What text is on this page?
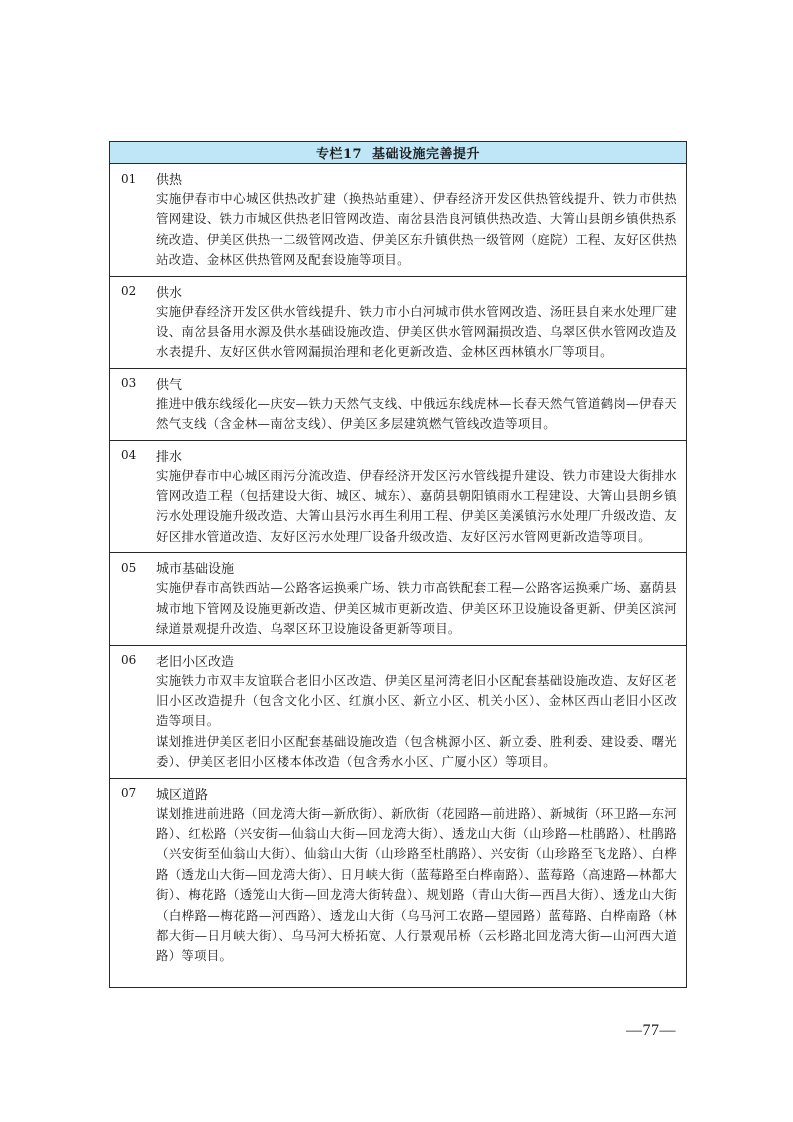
专栏17 基础设施完善提升
01	供热

实施伊春市中心城区供热改扩建（换热站重建）、伊春经济开发区供热管线提升、铁力市供热管网建设、铁力市城区供热老旧管网改造、南岔县浩良河镇供热改造、大箐山县朗乡镇供热系统改造、伊美区供热一二级管网改造、伊美区东升镇供热一级管网（庭院）工程、友好区供热站改造、金林区供热管网及配套设施等项目。

02	供水

实施伊春经济开发区供水管线提升、铁力市小白河城市供水管网改造、汤旺县自来水处理厂建设、南岔县备用水源及供水基础设施改造、伊美区供水管网漏损改造、乌翠区供水管网改造及水表提升、友好区供水管网漏损治理和老化更新改造、金林区西林镇水厂等项目。

03	供气

推进中俄东线绥化—庆安—铁力天然气支线、中俄远东线虎林—长春天然气管道鹤岗—伊春天然气支线（含金林—南岔支线）、伊美区多层建筑燃气管线改造等项目。

04	排水

实施伊春市中心城区雨污分流改造、伊春经济开发区污水管线提升建设、铁力市建设大街排水管网改造工程（包括建设大街、城区、城东）、嘉荫县朝阳镇雨水工程建设、大箐山县朗乡镇污水处理设施升级改造、大箐山县污水再生利用工程、伊美区美溪镇污水处理厂升级改造、友好区排水管道改造、友好区污水处理厂设备升级改造、友好区污水管网更新改造等项目。

05	城市基础设施

实施伊春市高铁西站—公路客运换乘广场、铁力市高铁配套工程—公路客运换乘广场、嘉荫县城市地下管网及设施更新改造、伊美区城市更新改造、伊美区环卫设施设备更新、伊美区滨河绿道景观提升改造、乌翠区环卫设施设备更新等项目。

06	老旧小区改造

实施铁力市双丰友谊联合老旧小区改造、伊美区星河湾老旧小区配套基础设施改造、友好区老旧小区改造提升（包含文化小区、红旗小区、新立小区、机关小区）、金林区西山老旧小区改造等项目。

谋划推进伊美区老旧小区配套基础设施改造（包含桃源小区、新立委、胜利委、建设委、曙光委）、伊美区老旧小区楼本体改造（包含秀水小区、广厦小区）等项目。

07	城区道路

谋划推进前进路（回龙湾大街—新欣街）、新欣街（花园路—前进路）、新城街（环卫路—东河路）、红松路（兴安街—仙翁山大街—回龙湾大街）、透龙山大街（山珍路—杜鹃路）、杜鹃路（兴安街至仙翁山大街）、仙翁山大街（山珍路至杜鹃路）、兴安街（山珍路至飞龙路）、白桦路（透龙山大街—回龙湾大街）、日月峡大街（蓝莓路至白桦南路）、蓝莓路（高速路—林都大街）、梅花路（透笼山大街—回龙湾大街转盘）、规划路（青山大街—西昌大街）、透龙山大街（白桦路—梅花路—河西路）、透龙山大街（乌马河工农路—望园路）蓝莓路、白桦南路（林都大街—日月峡大街）、乌马河大桥拓宽、人行景观吊桥（云杉路北回龙湾大街—山河西大道路）等项目。

—77—
